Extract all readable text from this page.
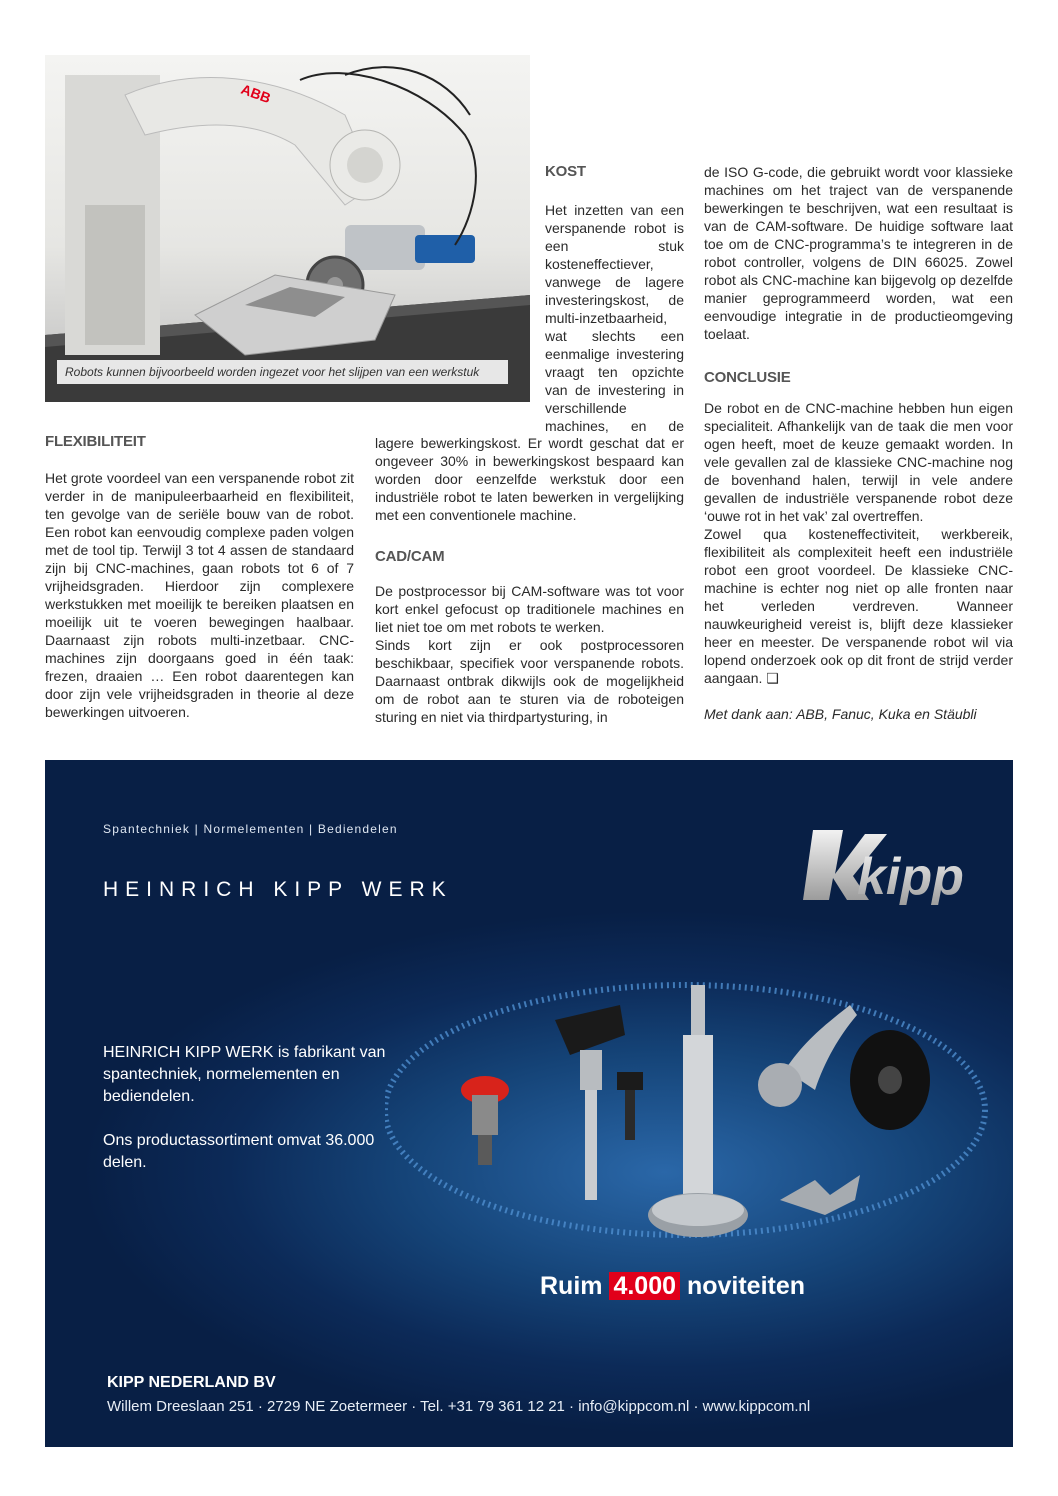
ABB
Robots kunnen bijvoorbeeld worden ingezet voor het slijpen van een werkstuk
FLEXIBILITEIT

Het grote voordeel van een verspanende robot zit verder in de manipuleerbaarheid en flexibiliteit, ten gevolge van de seriële bouw van de robot. Een robot kan eenvoudig complexe paden volgen met de tool tip. Terwijl 3 tot 4 assen de standaard zijn bij CNC-machines, gaan robots tot 6 of 7 vrijheidsgraden. Hierdoor zijn complexere werkstukken met moeilijk te bereiken plaatsen en moeilijk uit te voeren bewegingen haalbaar. Daarnaast zijn robots multi-inzetbaar. CNC-machines zijn doorgaans goed in één taak: frezen, draaien … Een robot daarentegen kan door zijn vele vrijheidsgraden in theorie al deze bewerkingen uitvoeren.

KOST

Het inzetten van een verspanende robot is een stuk kosteneffectiever, vanwege de lagere investeringskost, de multi-inzetbaarheid, wat slechts een eenmalige investering vraagt ten opzichte van de investering in verschillende machines, en de

lagere bewerkingskost. Er wordt geschat dat er ongeveer 30% in bewerkingskost bespaard kan worden door eenzelfde werkstuk door een industriële robot te laten bewerken in vergelijking met een conventionele machine.

CAD/CAM

De postprocessor bij CAM-software was tot voor kort enkel gefocust op traditionele machines en liet niet toe om met robots te werken.

Sinds kort zijn er ook postprocessoren beschikbaar, specifiek voor verspanende robots. Daarnaast ontbrak dikwijls ook de mogelijkheid om de robot aan te sturen via de roboteigen sturing en niet via thirdpartysturing, in

de ISO G-code, die gebruikt wordt voor klassieke machines om het traject van de verspanende bewerkingen te beschrijven, wat een resultaat is van de CAM-software. De huidige software laat toe om de CNC-programma’s te integreren in de robot controller, volgens de DIN 66025. Zowel robot als CNC-machine kan bijgevolg op dezelfde manier geprogrammeerd worden, wat een eenvoudige integratie in de productieomgeving toelaat.

CONCLUSIE

De robot en de CNC-machine hebben hun eigen specialiteit. Afhankelijk van de taak die men voor ogen heeft, moet de keuze gemaakt worden. In vele gevallen zal de klassieke CNC-machine nog de bovenhand halen, terwijl in vele andere gevallen de industriële verspanende robot deze ‘ouwe rot in het vak’ zal overtreffen.

Zowel qua kosteneffectiviteit, werkbereik, flexibiliteit als complexiteit heeft een industriële robot een groot voordeel. De klassieke CNC-machine is echter nog niet op alle fronten naar het verleden verdreven. Wanneer nauwkeurigheid vereist is, blijft deze klassieker heer en meester. De verspanende robot wil via lopend onderzoek ook op dit front de strijd verder aangaan. ❑

Met dank aan: ABB, Fanuc, Kuka en Stäubli

Spantechniek | Normelementen | Bediendelen
HEINRICH KIPP WERK	kipp

HEINRICH KIPP WERK is fabrikant van spantechniek, normelementen en bediendelen.

Ons productassortiment omvat 36.000 delen.

Ruim 4.000 noviteiten
KIPP NEDERLAND BV
Willem Dreeslaan 251 · 2729 NE Zoetermeer · Tel. +31 79 361 12 21 · info@kippcom.nl · www.kippcom.nl
